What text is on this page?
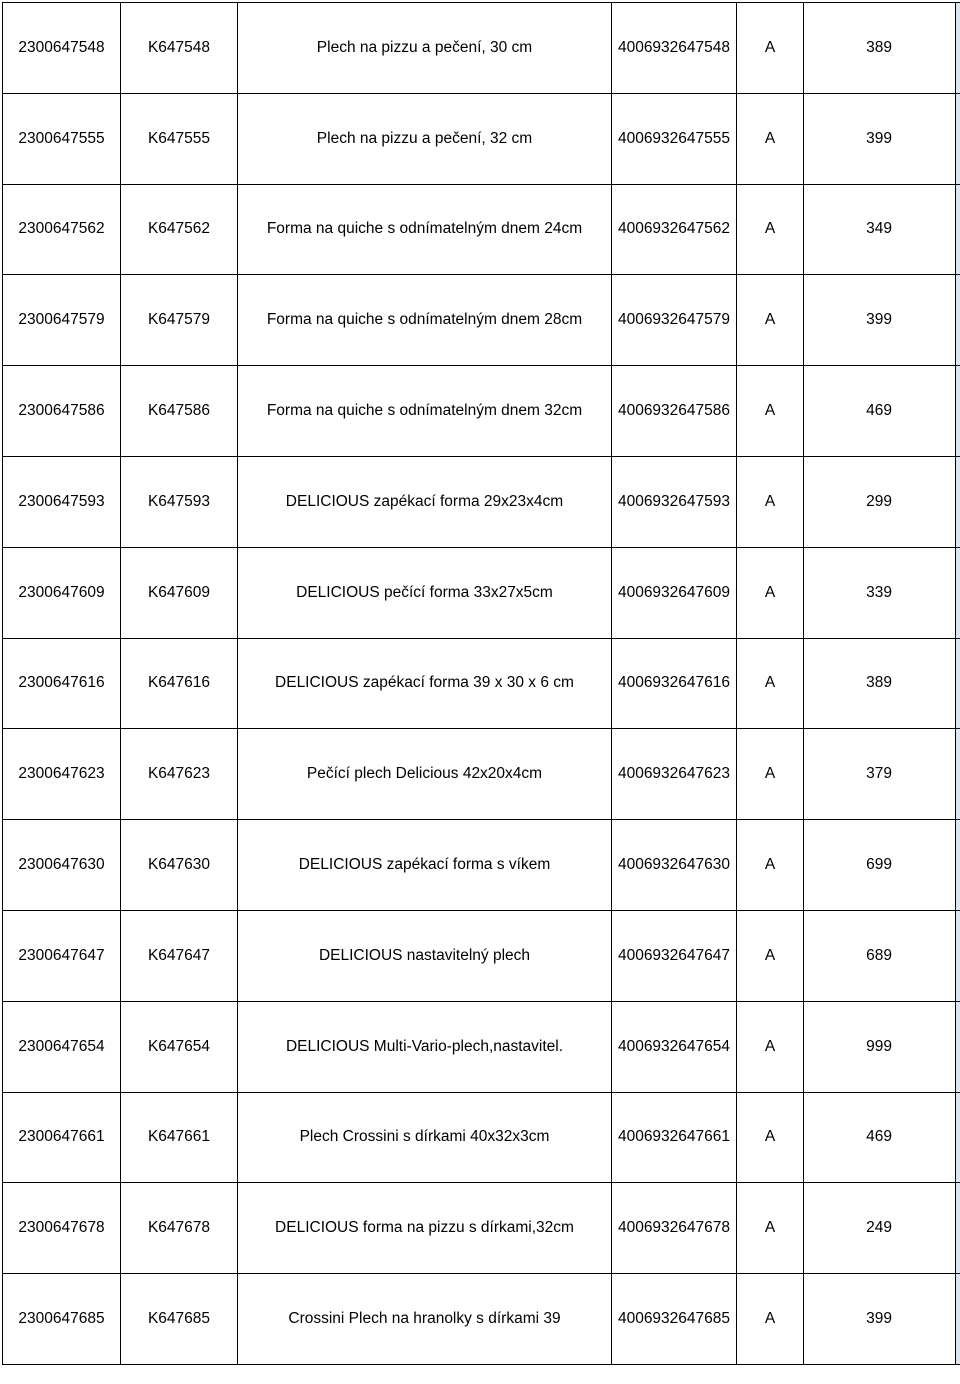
2300647548	K647548	Plech na pizzu a pečení, 30 cm	4006932647548	A	389	
2300647555	K647555	Plech na pizzu a pečení, 32 cm	4006932647555	A	399	
2300647562	K647562	Forma na quiche s odnímatelným dnem 24cm	4006932647562	A	349	
2300647579	K647579	Forma na quiche s odnímatelným dnem 28cm	4006932647579	A	399	
2300647586	K647586	Forma na quiche s odnímatelným dnem 32cm	4006932647586	A	469	
2300647593	K647593	DELICIOUS zapékací forma 29x23x4cm	4006932647593	A	299	
2300647609	K647609	DELICIOUS pečící forma 33x27x5cm	4006932647609	A	339	
2300647616	K647616	DELICIOUS zapékací forma 39 x 30 x 6 cm	4006932647616	A	389	
2300647623	K647623	Pečící plech Delicious 42x20x4cm	4006932647623	A	379	
2300647630	K647630	DELICIOUS zapékací forma s víkem	4006932647630	A	699	
2300647647	K647647	DELICIOUS nastavitelný plech	4006932647647	A	689	
2300647654	K647654	DELICIOUS Multi-Vario-plech,nastavitel.	4006932647654	A	999	
2300647661	K647661	Plech Crossini s dírkami 40x32x3cm	4006932647661	A	469	
2300647678	K647678	DELICIOUS forma na pizzu s dírkami,32cm	4006932647678	A	249	
2300647685	K647685	Crossini Plech na hranolky s dírkami 39	4006932647685	A	399	
